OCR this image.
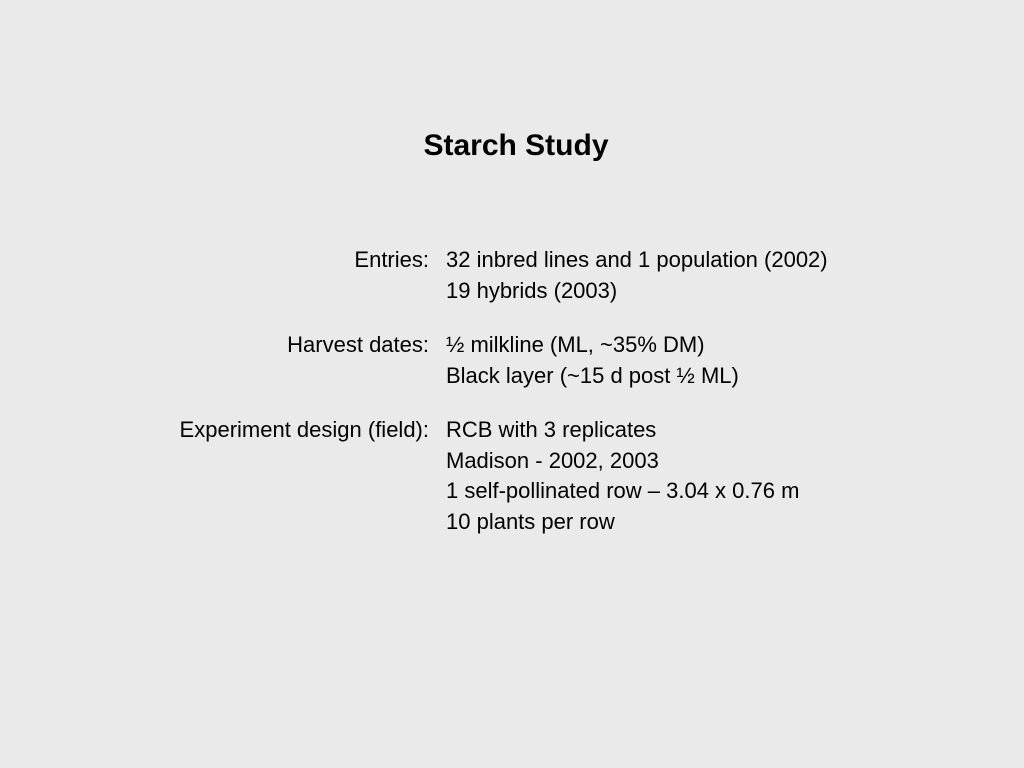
Starch Study
Entries: 32 inbred lines and 1 population (2002)
19 hybrids (2003)
Harvest dates: ½ milkline (ML, ~35% DM)
Black layer (~15 d post ½ ML)
Experiment design (field): RCB with 3 replicates
Madison - 2002, 2003
1 self-pollinated row – 3.04 x 0.76 m
10 plants per row
